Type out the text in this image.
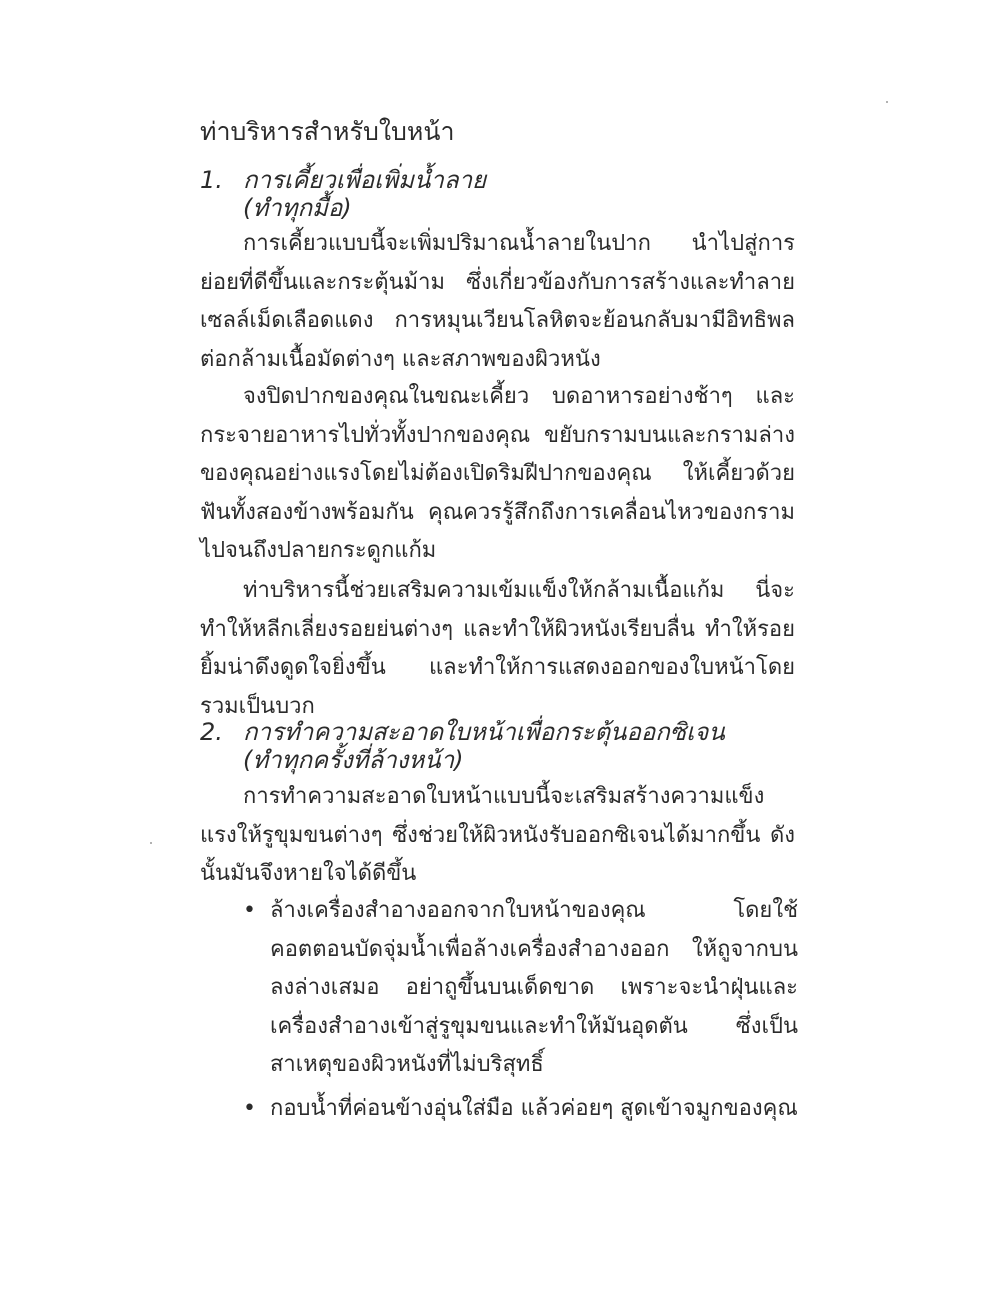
ท่าบริหารสำหรับใบหน้า
1. การเคี้ยวเพื่อเพิ่มน้ำลาย
(ทำทุกมื้อ)

การเคี้ยวแบบนี้จะเพิ่มปริมาณน้ำลายในปาก นำไปสู่การย่อยที่ดีขึ้นและกระตุ้นม้าม ซึ่งเกี่ยวข้องกับการสร้างและทำลายเซลล์เม็ดเลือดแดง การหมุนเวียนโลหิตจะย้อนกลับมามีอิทธิพลต่อกล้ามเนื้อมัดต่างๆ และสภาพของผิวหนัง

จงปิดปากของคุณในขณะเคี้ยว บดอาหารอย่างช้าๆ และกระจายอาหารไปทั่วทั้งปากของคุณ ขยับกรามบนและกรามล่างของคุณอย่างแรงโดยไม่ต้องเปิดริมฝีปากของคุณ ให้เคี้ยวด้วยฟันทั้งสองข้างพร้อมกัน คุณควรรู้สึกถึงการเคลื่อนไหวของกรามไปจนถึงปลายกระดูกแก้ม

ท่าบริหารนี้ช่วยเสริมความเข้มแข็งให้กล้ามเนื้อแก้ม นี่จะทำให้หลีกเลี่ยงรอยย่นต่างๆ และทำให้ผิวหนังเรียบลื่น ทำให้รอยยิ้มน่าดึงดูดใจยิ่งขึ้น และทำให้การแสดงออกของใบหน้าโดยรวมเป็นบวก

2. การทำความสะอาดใบหน้าเพื่อกระตุ้นออกซิเจน
(ทำทุกครั้งที่ล้างหน้า)

การทำความสะอาดใบหน้าแบบนี้จะเสริมสร้างความแข็งแรงให้รูขุมขนต่างๆ ซึ่งช่วยให้ผิวหนังรับออกซิเจนได้มากขึ้น ดังนั้นมันจึงหายใจได้ดีขึ้น

• ล้างเครื่องสำอางออกจากใบหน้าของคุณ โดยใช้คอตตอนบัดจุ่มน้ำเพื่อล้างเครื่องสำอางออก ให้ถูจากบนลงล่างเสมอ อย่าถูขึ้นบนเด็ดขาด เพราะจะนำฝุ่นและเครื่องสำอางเข้าสู่รูขุมขนและทำให้มันอุดตัน ซึ่งเป็นสาเหตุของผิวหนังที่ไม่บริสุทธิ์
• กอบน้ำที่ค่อนข้างอุ่นใส่มือ แล้วค่อยๆ สูดเข้าจมูกของคุณ
